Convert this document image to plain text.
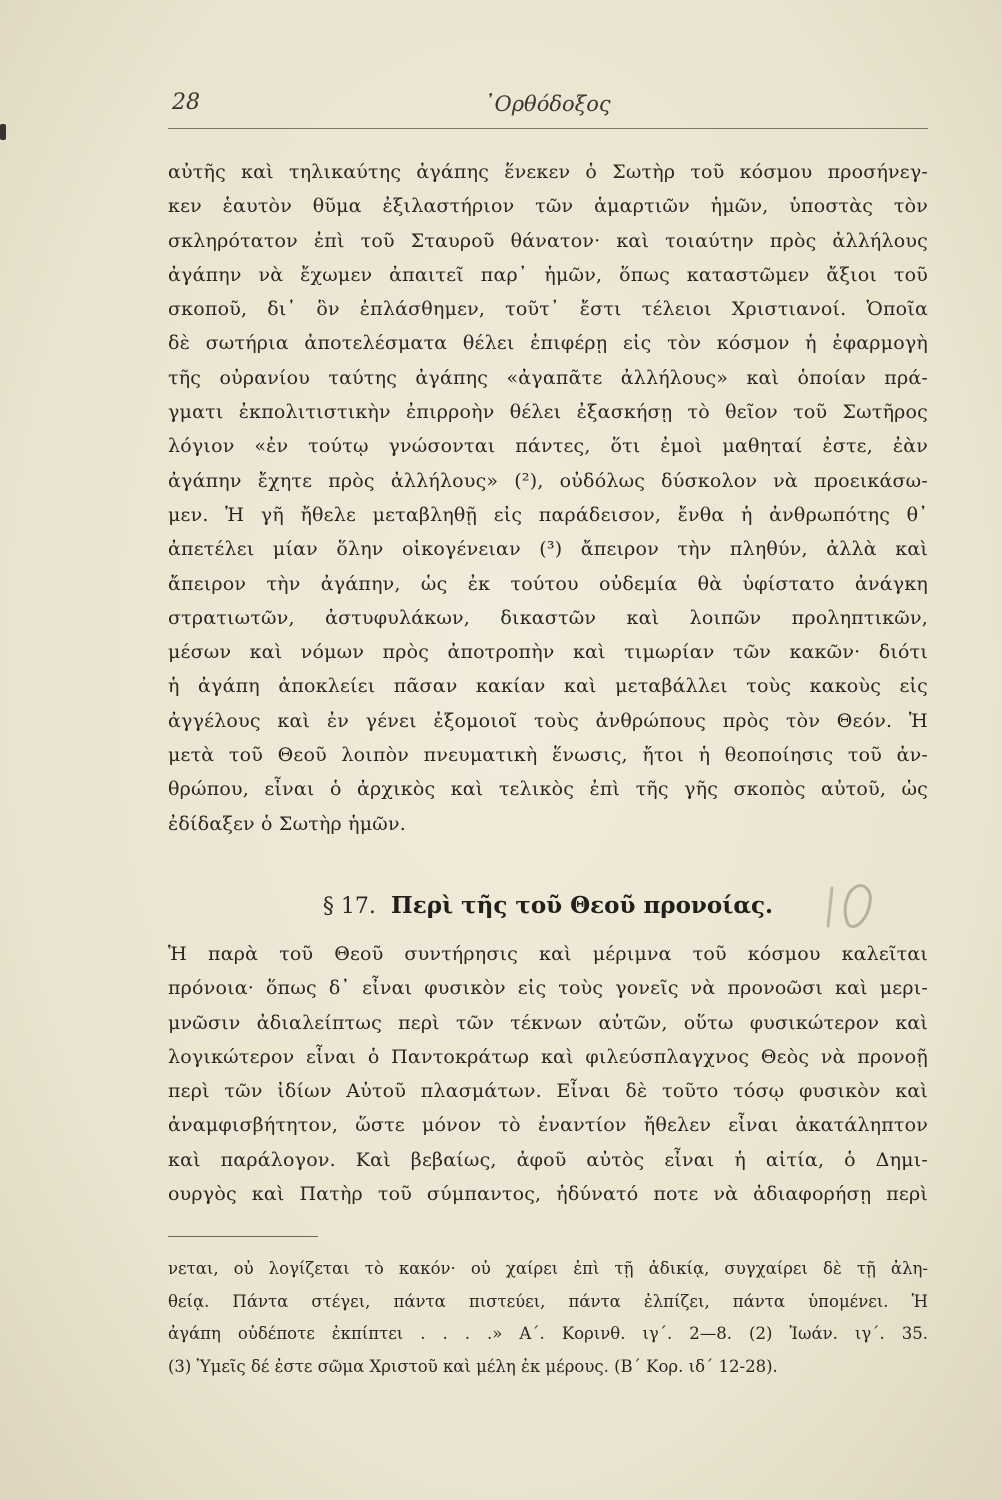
28	᾿Ορθόδοξος
αὐτῆς καὶ τηλικαύτης ἀγάπης ἕνεκεν ὁ Σωτὴρ τοῦ κόσμου προσήνεγ-
κεν ἑαυτὸν θῦμα ἐξιλαστήριον τῶν ἁμαρτιῶν ἡμῶν, ὑποστὰς τὸν
σκληρότατον ἐπὶ τοῦ Σταυροῦ θάνατον· καὶ τοιαύτην πρὸς ἀλλήλους
ἀγάπην νὰ ἔχωμεν ἀπαιτεῖ παρ᾿ ἡμῶν, ὅπως καταστῶμεν ἄξιοι τοῦ
σκοποῦ, δι᾿ ὃν ἐπλάσθημεν, τοῦτ᾿ ἔστι τέλειοι Χριστιανοί. Ὁποῖα
δὲ σωτήρια ἀποτελέσματα θέλει ἐπιφέρῃ εἰς τὸν κόσμον ἡ ἐφαρμογὴ
τῆς οὐρανίου ταύτης ἀγάπης «ἀγαπᾶτε ἀλλήλους» καὶ ὁποίαν πρά-
γματι ἐκπολιτιστικὴν ἐπιρροὴν θέλει ἐξασκήσῃ τὸ θεῖον τοῦ Σωτῆρος
λόγιον «ἐν τούτῳ γνώσονται πάντες, ὅτι ἐμοὶ μαθηταί ἐστε, ἐὰν
ἀγάπην ἔχητε πρὸς ἀλλήλους» (²), οὐδόλως δύσκολον νὰ προεικάσω-
μεν. Ἡ γῆ ἤθελε μεταβληθῇ εἰς παράδεισον, ἔνθα ἡ ἀνθρωπότης θ᾿
ἀπετέλει μίαν ὅλην οἰκογένειαν (³) ἄπειρον τὴν πληθύν, ἀλλὰ καὶ
ἄπειρον τὴν ἀγάπην, ὡς ἐκ τούτου οὐδεμία θὰ ὑφίστατο ἀνάγκη
στρατιωτῶν, ἀστυφυλάκων, δικαστῶν καὶ λοιπῶν προληπτικῶν,
μέσων καὶ νόμων πρὸς ἀποτροπὴν καὶ τιμωρίαν τῶν κακῶν· διότι
ἡ ἀγάπη ἀποκλείει πᾶσαν κακίαν καὶ μεταβάλλει τοὺς κακοὺς εἰς
ἀγγέλους καὶ ἐν γένει ἐξομοιοῖ τοὺς ἀνθρώπους πρὸς τὸν Θεόν. Ἡ
μετὰ τοῦ Θεοῦ λοιπὸν πνευματικὴ ἕνωσις, ἤτοι ἡ θεοποίησις τοῦ ἀν-
θρώπου, εἶναι ὁ ἀρχικὸς καὶ τελικὸς ἐπὶ τῆς γῆς σκοπὸς αὐτοῦ, ὡς
ἐδίδαξεν ὁ Σωτὴρ ἡμῶν.
§ 17. Περὶ τῆς τοῦ Θεοῦ προνοίας.
Ἡ παρὰ τοῦ Θεοῦ συντήρησις καὶ μέριμνα τοῦ κόσμου καλεῖται
πρόνοια· ὅπως δ᾿ εἶναι φυσικὸν εἰς τοὺς γονεῖς νὰ προνοῶσι καὶ μερι-
μνῶσιν ἀδιαλείπτως περὶ τῶν τέκνων αὐτῶν, οὕτω φυσικώτερον καὶ
λογικώτερον εἶναι ὁ Παντοκράτωρ καὶ φιλεύσπλαγχνος Θεὸς νὰ προνοῇ
περὶ τῶν ἰδίων Αὐτοῦ πλασμάτων. Εἶναι δὲ τοῦτο τόσῳ φυσικὸν καὶ
ἀναμφισβήτητον, ὥστε μόνον τὸ ἐναντίον ἤθελεν εἶναι ἀκατάληπτον
καὶ παράλογον. Καὶ βεβαίως, ἀφοῦ αὐτὸς εἶναι ἡ αἰτία, ὁ Δημι-
ουργὸς καὶ Πατὴρ τοῦ σύμπαντος, ἠδύνατό ποτε νὰ ἀδιαφορήσῃ περὶ
νεται, οὐ λογίζεται τὸ κακόν· οὐ χαίρει ἐπὶ τῇ ἀδικίᾳ, συγχαίρει δὲ τῇ ἀλη-
θείᾳ. Πάντα στέγει, πάντα πιστεύει, πάντα ἐλπίζει, πάντα ὑπομένει. Ἡ
ἀγάπη οὐδέποτε ἐκπίπτει . . . .» Α΄. Κορινθ. ιγ΄. 2—8. (2) Ἰωάν. ιγ΄. 35.
(3) Ὑμεῖς δέ ἐστε σῶμα Χριστοῦ καὶ μέλη ἐκ μέρους. (Β΄ Κορ. ιδ΄ 12-28).
